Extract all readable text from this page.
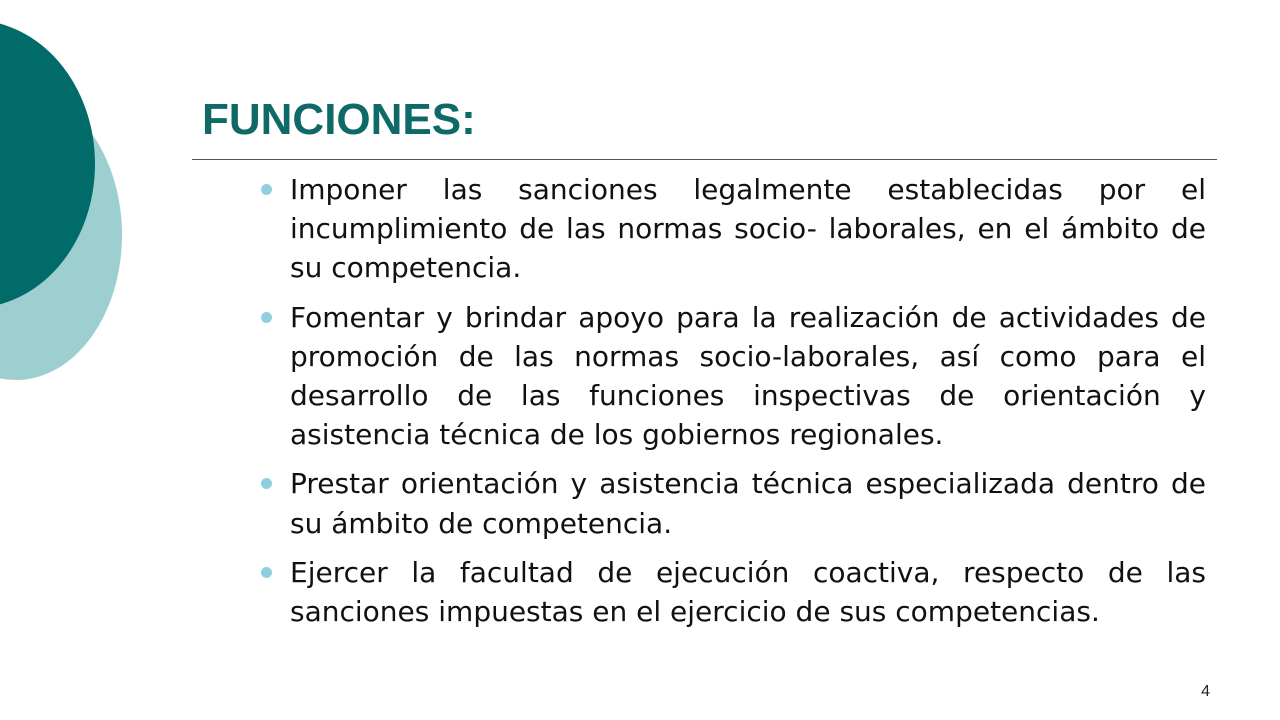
FUNCIONES:
Imponer las sanciones legalmente establecidas por el incumplimiento de las normas socio- laborales, en el ámbito de su competencia.
Fomentar y brindar apoyo para la realización de actividades de promoción de las normas socio-laborales, así como para el desarrollo de las funciones inspectivas de orientación y asistencia técnica de los gobiernos regionales.
Prestar orientación y asistencia técnica especializada dentro de su ámbito de competencia.
Ejercer la facultad de ejecución coactiva, respecto de las sanciones impuestas en el ejercicio de sus competencias.
4
